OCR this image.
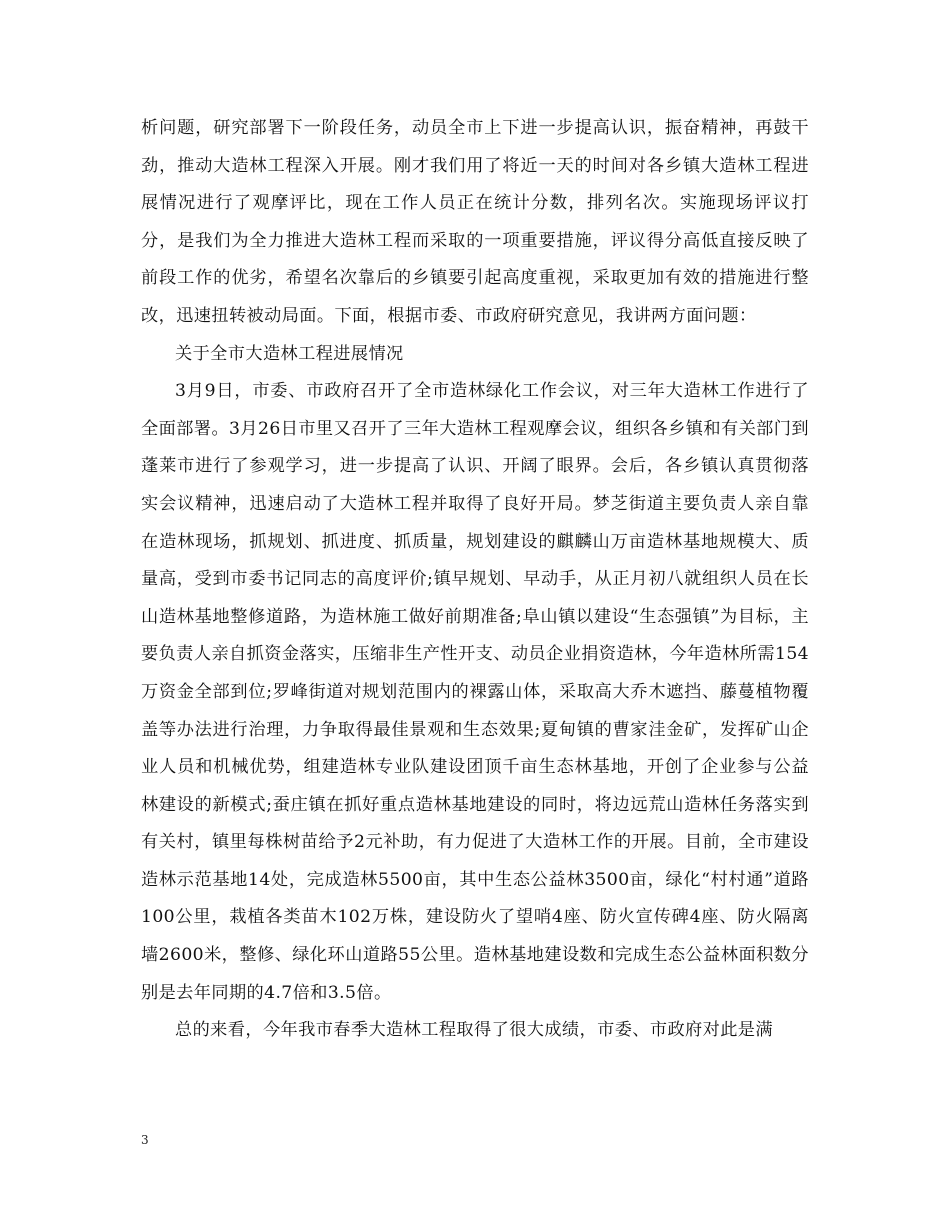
析问题，研究部署下一阶段任务，动员全市上下进一步提高认识，振奋精神，再鼓干劲，推动大造林工程深入开展。刚才我们用了将近一天的时间对各乡镇大造林工程进展情况进行了观摩评比，现在工作人员正在统计分数，排列名次。实施现场评议打分，是我们为全力推进大造林工程而采取的一项重要措施，评议得分高低直接反映了前段工作的优劣，希望名次靠后的乡镇要引起高度重视，采取更加有效的措施进行整改，迅速扭转被动局面。下面，根据市委、市政府研究意见，我讲两方面问题：

关于全市大造林工程进展情况

3月9日，市委、市政府召开了全市造林绿化工作会议，对三年大造林工作进行了全面部署。3月26日市里又召开了三年大造林工程观摩会议，组织各乡镇和有关部门到蓬莱市进行了参观学习，进一步提高了认识、开阔了眼界。会后，各乡镇认真贯彻落实会议精神，迅速启动了大造林工程并取得了良好开局。梦芝街道主要负责人亲自靠在造林现场，抓规划、抓进度、抓质量，规划建设的麒麟山万亩造林基地规模大、质量高，受到市委书记同志的高度评价;镇早规划、早动手，从正月初八就组织人员在长山造林基地整修道路，为造林施工做好前期准备;阜山镇以建设“生态强镇”为目标，主要负责人亲自抓资金落实，压缩非生产性开支、动员企业捐资造林，今年造林所需154万资金全部到位;罗峰街道对规划范围内的裸露山体，采取高大乔木遮挡、藤蔓植物覆盖等办法进行治理，力争取得最佳景观和生态效果;夏甸镇的曹家洼金矿，发挥矿山企业人员和机械优势，组建造林专业队建设团顶千亩生态林基地，开创了企业参与公益林建设的新模式;蚕庄镇在抓好重点造林基地建设的同时，将边远荒山造林任务落实到有关村，镇里每株树苗给予2元补助，有力促进了大造林工作的开展。目前，全市建设造林示范基地14处，完成造林5500亩，其中生态公益林3500亩，绿化“村村通”道路100公里，栽植各类苗木102万株，建设防火了望哨4座、防火宣传碑4座、防火隔离墙2600米，整修、绿化环山道路55公里。造林基地建设数和完成生态公益林面积数分别是去年同期的4.7倍和3.5倍。

总的来看，今年我市春季大造林工程取得了很大成绩，市委、市政府对此是满

3
